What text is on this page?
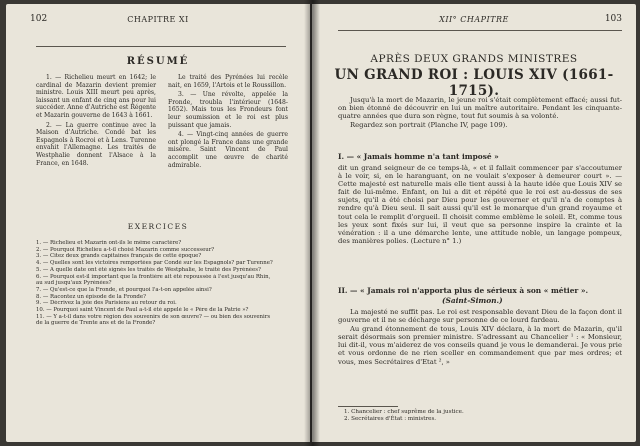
102	CHAPITRE XI
RÉSUMÉ

1. — Richelieu meurt en 1642; le cardinal de Mazarin devient premier ministre. Louis XIII meurt peu après, laissant un enfant de cinq ans pour lui succéder. Anne d'Autriche est Régente et Mazarin gouverne de 1643 à 1661.

2. — La guerre continue avec la Maison d'Autriche. Condé bat les Espagnols à Rocroi et à Lens. Turenne envahit l'Allemagne. Les traités de Westphalie donnent l'Alsace à la France, en 1648.

Le traité des Pyrénées lui recèle nait, en 1659, l'Artois et le Roussillon.

3. — Une révolte, appelée la Fronde, troubla l'intérieur (1648-1652). Mais tous les Frondeurs font leur soumission et le roi est plus puissant que jamais.

4. — Vingt-cinq années de guerre ont plongé la France dans une grande misère. Saint Vincent de Paul accomplit une œuvre de charité admirable.

EXERCICES
1. — Richelieu et Mazarin ont-ils le même caractère?
2. — Pourquoi Richelieu a-t-il choisi Mazarin comme successeur?
3. — Citez deux grands capitaines français de cette époque?
4. — Quelles sont les victoires remportées par Condé sur les Espagnols? par Turenne?
5. — A quelle date ont été signés les traités de Westphalie, le traité des Pyrénées?
6. — Pourquoi est-il important que la frontière ait été repoussée à l'est jusqu'au Rhin,
au sud jusqu'aux Pyrénées?
7. — Qu'est-ce que la Fronde, et pourquoi l'a-t-on appelée ainsi?
8. — Racontez un épisode de la Fronde?
9. — Décrivez la joie des Parisiens au retour du roi.
10. — Pourquoi saint Vincent de Paul a-t-il été appelé le « Père de la Patrie »?
11. — Y a-t-il dans votre région des souvenirs de son œuvre? — ou bien des souvenirs
de la guerre de Trente ans et de la Fronde?
XII° CHAPITRE	103
APRÈS DEUX GRANDS MINISTRES
UN GRAND ROI : LOUIS XIV (1661-1715).

Jusqu'à la mort de Mazarin, le jeune roi s'était complètement effacé; aussi fut-on bien étonné de découvrir en lui un maître autoritaire. Pendant les cinquante-quatre années que dura son règne, tout fut soumis à sa volonté.

Regardez son portrait (Planche IV, page 109).

I. — « Jamais homme n'a tant imposé »

dit un grand seigneur de ce temps-là, « et il fallait commencer par s'accoutumer à le voir, si, en le haranguant, on ne voulait s'exposer à demeurer court ». — Cette majesté est naturelle mais elle tient aussi à la haute idée que Louis XIV se fait de lui-même. Enfant, on lui a dit et répété que le roi est au-dessus de ses sujets, qu'il a été choisi par Dieu pour les gouverner et qu'il n'a de comptes à rendre qu'à Dieu seul. Il sait aussi qu'il est le monarque d'un grand royaume et tout cela le remplit d'orgueil. Il choisit comme emblème le soleil. Et, comme tous les yeux sont fixés sur lui, il veut que sa personne inspire la crainte et la vénération : il a une démarche lente, une attitude noble, un langage pompeux, des manières polies. (Lecture n° 1.)

II. — « Jamais roi n'apporta plus de sérieux à son « métier ».
(Saint-Simon.)

La majesté ne suffit pas. Le roi est responsable devant Dieu de la façon dont il gouverne et il ne se décharge sur personne de ce lourd fardeau.

Au grand étonnement de tous, Louis XIV déclara, à la mort de Mazarin, qu'il serait désormais son premier ministre. S'adressant au Chancelier ¹ : « Monsieur, lui dit-il, vous m'aiderez de vos conseils quand je vous le demanderai. Je vous prie et vous ordonne de ne rien sceller en commandement que par mes ordres; et vous, mes Secrétaires d'Etat ², »

1. Chancelier : chef suprême de la justice.
2. Secrétaires d'État : ministres.
